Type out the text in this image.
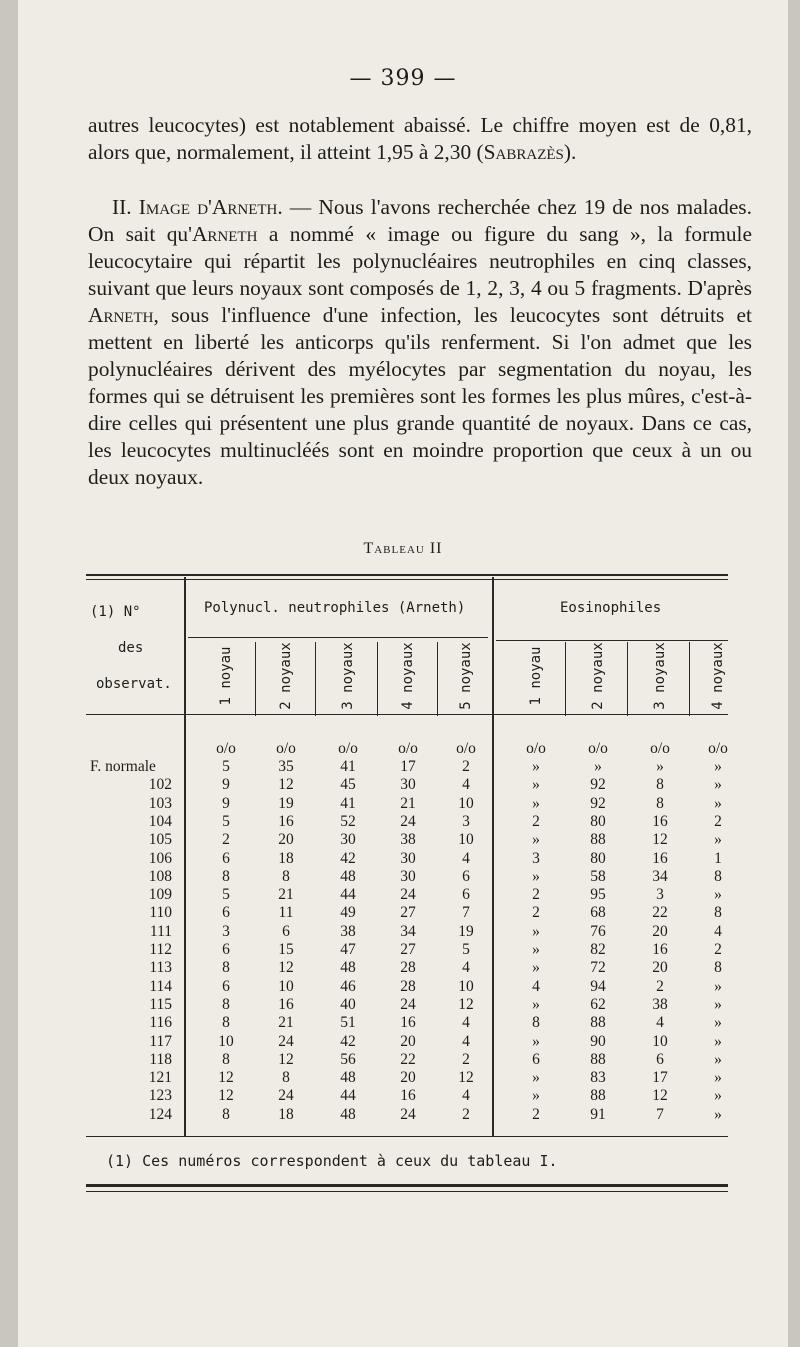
— 399 —

autres leucocytes) est notablement abaissé. Le chiffre moyen est de 0,81, alors que, normalement, il atteint 1,95 à 2,30 (Sabrazès).

II. Image d'Arneth. — Nous l'avons recherchée chez 19 de nos malades. On sait qu'Arneth a nommé « image ou figure du sang », la formule leucocytaire qui répartit les polynucléaires neutrophiles en cinq classes, suivant que leurs noyaux sont composés de 1, 2, 3, 4 ou 5 fragments. D'après Arneth, sous l'influence d'une infection, les leucocytes sont détruits et mettent en liberté les anticorps qu'ils renferment. Si l'on admet que les polynucléaires dérivent des myélocytes par segmentation du noyau, les formes qui se détruisent les premières sont les formes les plus mûres, c'est-à-dire celles qui présentent une plus grande quantité de noyaux. Dans ce cas, les leucocytes multinucléés sont en moindre proportion que ceux à un ou deux noyaux.

Tableau II
(1) N°
des
observat.
Polynucl. neutrophiles (Arneth)	Eosinophiles
1 noyau	2 noyaux	3 noyaux	4 noyaux	5 noyaux	1 noyau	2 noyaux	3 noyaux	4 noyaux
o/o	o/o	o/o	o/o	o/o	o/o	o/o	o/o	o/o
F. normale	5	35	41	17	2	»	»	»	»
102	9	12	45	30	4	»	92	8	»
103	9	19	41	21	10	»	92	8	»
104	5	16	52	24	3	2	80	16	2
105	2	20	30	38	10	»	88	12	»
106	6	18	42	30	4	3	80	16	1
108	8	8	48	30	6	»	58	34	8
109	5	21	44	24	6	2	95	3	»
110	6	11	49	27	7	2	68	22	8
111	3	6	38	34	19	»	76	20	4
112	6	15	47	27	5	»	82	16	2
113	8	12	48	28	4	»	72	20	8
114	6	10	46	28	10	4	94	2	»
115	8	16	40	24	12	»	62	38	»
116	8	21	51	16	4	8	88	4	»
117	10	24	42	20	4	»	90	10	»
118	8	12	56	22	2	6	88	6	»
121	12	8	48	20	12	»	83	17	»
123	12	24	44	16	4	»	88	12	»
124	8	18	48	24	2	2	91	7	»
(1) Ces numéros correspondent à ceux du tableau I.
